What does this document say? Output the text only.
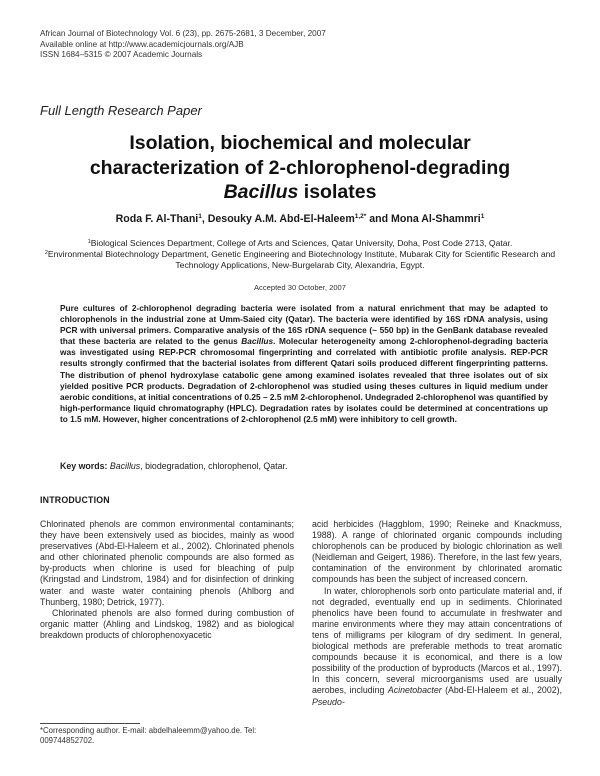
African Journal of Biotechnology Vol. 6 (23), pp. 2675-2681, 3 December, 2007
Available online at http://www.academicjournals.org/AJB
ISSN 1684–5315 © 2007 Academic Journals
Full Length Research Paper
Isolation, biochemical and molecular
characterization of 2-chlorophenol-degrading
Bacillus isolates
Roda F. Al-Thani$^1$, Desouky A.M. Abd-El-Haleem$^{1,2*}$ and Mona Al-Shammri$^1$
$^1$Biological Sciences Department, College of Arts and Sciences, Qatar University, Doha, Post Code 2713, Qatar.
$^2$Environmental Biotechnology Department, Genetic Engineering and Biotechnology Institute, Mubarak City for Scientific Research and Technology Applications, New-Burgelarab City, Alexandria, Egypt.
Accepted 30 October, 2007
Pure cultures of 2-chlorophenol degrading bacteria were isolated from a natural enrichment that may be adapted to chlorophenols in the industrial zone at Umm-Saied city (Qatar). The bacteria were identified by 16S rDNA analysis, using PCR with universal primers. Comparative analysis of the 16S rDNA sequence (~ 550 bp) in the GenBank database revealed that these bacteria are related to the genus Bacillus. Molecular heterogeneity among 2-chlorophenol-degrading bacteria was investigated using REP-PCR chromosomal fingerprinting and correlated with antibiotic profile analysis. REP-PCR results strongly confirmed that the bacterial isolates from different Qatari soils produced different fingerprinting patterns. The distribution of phenol hydroxylase catabolic gene among examined isolates revealed that three isolates out of six yielded positive PCR products. Degradation of 2-chlorophenol was studied using theses cultures in liquid medium under aerobic conditions, at initial concentrations of 0.25 – 2.5 mM 2-chlorophenol. Undegraded 2-chlorophenol was quantified by high-performance liquid chromatography (HPLC). Degradation rates by isolates could be determined at concentrations up to 1.5 mM. However, higher concentrations of 2-chlorophenol (2.5 mM) were inhibitory to cell growth.
Key words: Bacillus, biodegradation, chlorophenol, Qatar.
INTRODUCTION

Chlorinated phenols are common environmental contaminants; they have been extensively used as biocides, mainly as wood preservatives (Abd-El-Haleem et al., 2002). Chlorinated phenols and other chlorinated phenolic compounds are also formed as by-products when chlorine is used for bleaching of pulp (Kringstad and Lindstrom, 1984) and for disinfection of drinking water and waste water containing phenols (Ahlborg and Thunberg, 1980; Detrick, 1977).

Chlorinated phenols are also formed during combustion of organic matter (Ahling and Lindskog, 1982) and as biological breakdown products of chlorophenoxyacetic

acid herbicides (Haggblom, 1990; Reineke and Knackmuss, 1988). A range of chlorinated organic compounds including chlorophenols can be produced by biologic chlorination as well (Neidleman and Geigert, 1986). Therefore, in the last few years, contamination of the environment by chlorinated aromatic compounds has been the subject of increased concern.

In water, chlorophenols sorb onto particulate material and, if not degraded, eventually end up in sediments. Chlorinated phenolics have been found to accumulate in freshwater and marine environments where they may attain concentrations of tens of milligrams per kilogram of dry sediment. In general, biological methods are preferable methods to treat aromatic compounds because it is economical, and there is a low possibility of the production of byproducts (Marcos et al., 1997). In this concern, several microorganisms used are usually aerobes, including Acinetobacter (Abd-El-Haleem et al., 2002), Pseudo-

*Corresponding author. E-mail: abdelhaleemm@yahoo.de. Tel: 009744852702.
